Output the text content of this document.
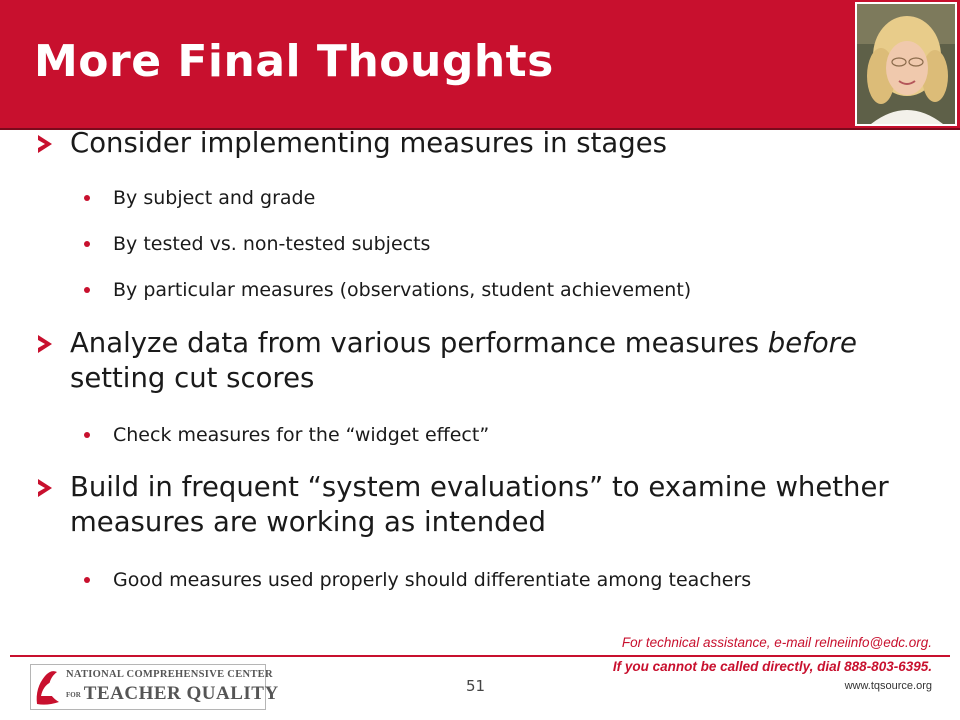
More Final Thoughts
Consider implementing measures in stages
By subject and grade
By tested vs. non-tested subjects
By particular measures (observations, student achievement)
Analyze data from various performance measures before setting cut scores
Check measures for the “widget effect”
Build in frequent “system evaluations” to examine whether measures are working as intended
Good measures used properly should differentiate among teachers
For technical assistance, e-mail relneiinfo@edc.org.
If you cannot be called directly, dial 888-803-6395.
NATIONAL COMPREHENSIVE CENTER
FOR TEACHER QUALITY	51	www.tqsource.org
